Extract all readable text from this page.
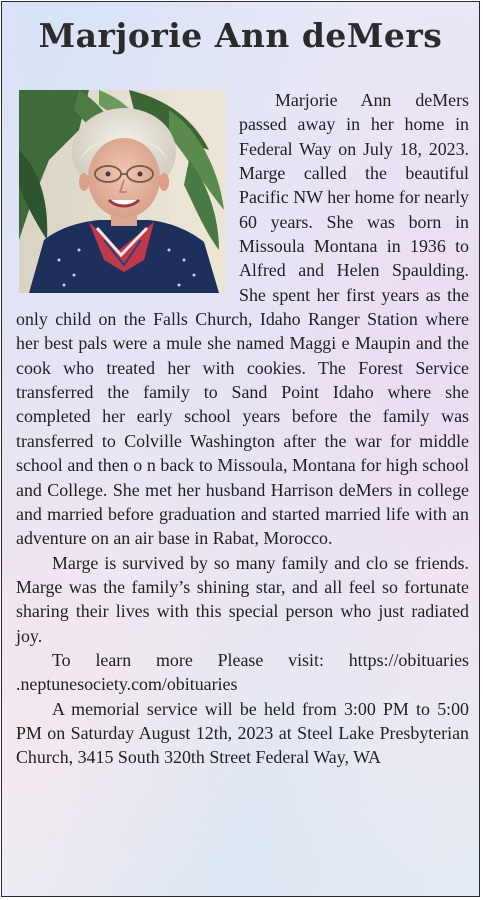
Marjorie Ann deMers

Marjorie Ann deMers passed away in her home in Federal Way on July 18, 2023. Marge called the beautiful Pacific NW her home for nearly 60 years. She was born in Missoula Montana in 1936 to Alfred and Helen Spaulding. She spent her first years as the only child on the Falls Church, Idaho Ranger Station where her best pals were a mule she named Maggi e Maupin and the cook who treated her with cookies. The Forest Service transferred the family to Sand Point Idaho where she completed her early school years before the family was transferred to Colville Washington after the war for middle school and then o n back to Missoula, Montana for high school and College. She met her husband Harrison deMers in college and married before graduation and started married life with an adventure on an air base in Rabat, Morocco.

Marge is survived by so many family and clo se friends. Marge was the family’s shining star, and all feel so fortunate sharing their lives with this special person who just radiated joy.

To learn more Please visit: https://obituaries .neptunesociety.com/obituaries

A memorial service will be held from 3:00 PM to 5:00 PM on Saturday August 12th, 2023 at Steel Lake Presbyterian Church, 3415 South 320th Street Federal Way, WA
